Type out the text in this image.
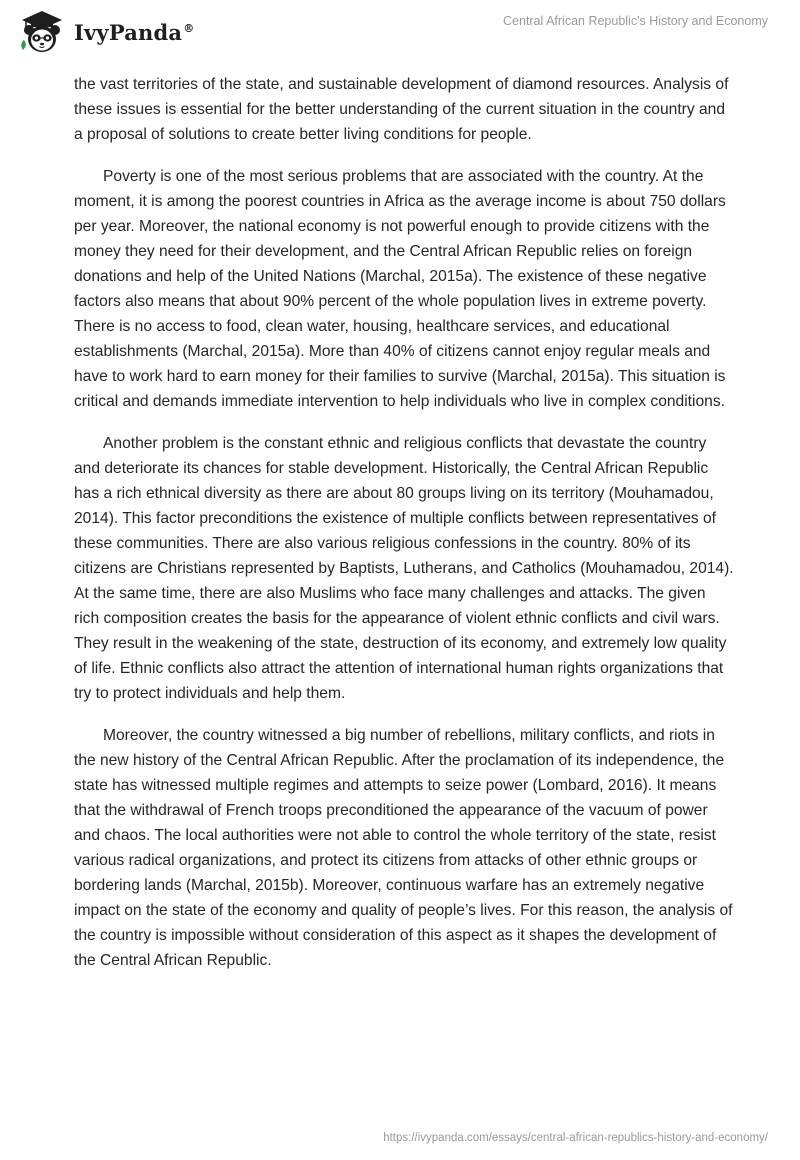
IvyPanda®	Central African Republic's History and Economy

the vast territories of the state, and sustainable development of diamond resources. Analysis of these issues is essential for the better understanding of the current situation in the country and a proposal of solutions to create better living conditions for people.

Poverty is one of the most serious problems that are associated with the country. At the moment, it is among the poorest countries in Africa as the average income is about 750 dollars per year. Moreover, the national economy is not powerful enough to provide citizens with the money they need for their development, and the Central African Republic relies on foreign donations and help of the United Nations (Marchal, 2015a). The existence of these negative factors also means that about 90% percent of the whole population lives in extreme poverty. There is no access to food, clean water, housing, healthcare services, and educational establishments (Marchal, 2015a). More than 40% of citizens cannot enjoy regular meals and have to work hard to earn money for their families to survive (Marchal, 2015a). This situation is critical and demands immediate intervention to help individuals who live in complex conditions.

Another problem is the constant ethnic and religious conflicts that devastate the country and deteriorate its chances for stable development. Historically, the Central African Republic has a rich ethnical diversity as there are about 80 groups living on its territory (Mouhamadou, 2014). This factor preconditions the existence of multiple conflicts between representatives of these communities. There are also various religious confessions in the country. 80% of its citizens are Christians represented by Baptists, Lutherans, and Catholics (Mouhamadou, 2014). At the same time, there are also Muslims who face many challenges and attacks. The given rich composition creates the basis for the appearance of violent ethnic conflicts and civil wars. They result in the weakening of the state, destruction of its economy, and extremely low quality of life. Ethnic conflicts also attract the attention of international human rights organizations that try to protect individuals and help them.

Moreover, the country witnessed a big number of rebellions, military conflicts, and riots in the new history of the Central African Republic. After the proclamation of its independence, the state has witnessed multiple regimes and attempts to seize power (Lombard, 2016). It means that the withdrawal of French troops preconditioned the appearance of the vacuum of power and chaos. The local authorities were not able to control the whole territory of the state, resist various radical organizations, and protect its citizens from attacks of other ethnic groups or bordering lands (Marchal, 2015b). Moreover, continuous warfare has an extremely negative impact on the state of the economy and quality of people’s lives. For this reason, the analysis of the country is impossible without consideration of this aspect as it shapes the development of the Central African Republic.

https://ivypanda.com/essays/central-african-republics-history-and-economy/
